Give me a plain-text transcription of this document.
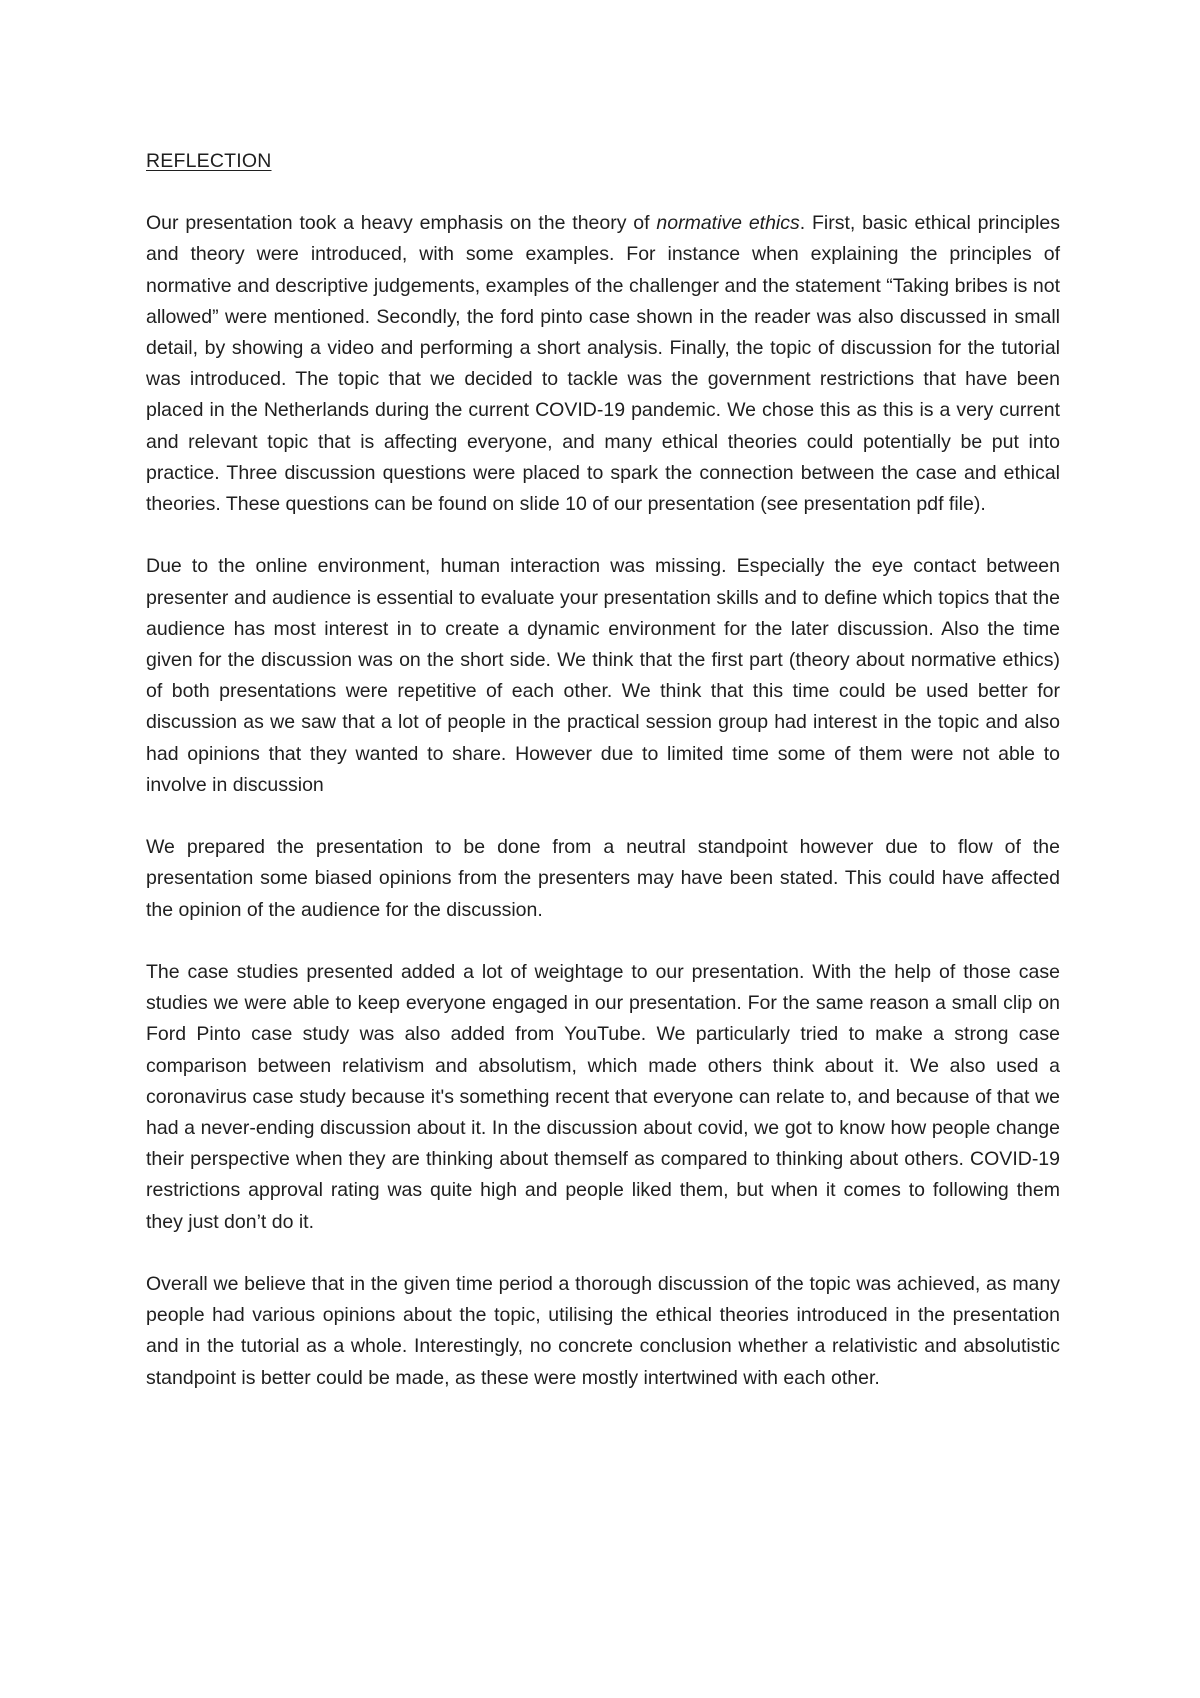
REFLECTION

Our presentation took a heavy emphasis on the theory of normative ethics. First, basic ethical principles and theory were introduced, with some examples. For instance when explaining the principles of normative and descriptive judgements, examples of the challenger and the statement “Taking bribes is not allowed” were mentioned. Secondly, the ford pinto case shown in the reader was also discussed in small detail, by showing a video and performing a short analysis. Finally, the topic of discussion for the tutorial was introduced. The topic that we decided to tackle was the government restrictions that have been placed in the Netherlands during the current COVID-19 pandemic. We chose this as this is a very current and relevant topic that is affecting everyone, and many ethical theories could potentially be put into practice. Three discussion questions were placed to spark the connection between the case and ethical theories. These questions can be found on slide 10 of our presentation (see presentation pdf file).

Due to the online environment, human interaction was missing. Especially the eye contact between presenter and audience is essential to evaluate your presentation skills and to define which topics that the audience has most interest in to create a dynamic environment for the later discussion. Also the time given for the discussion was on the short side. We think that the first part (theory about normative ethics) of both presentations were repetitive of each other. We think that this time could be used better for discussion as we saw that a lot of people in the practical session group had interest in the topic and also had opinions that they wanted to share. However due to limited time some of them were not able to involve in discussion

We prepared the presentation to be done from a neutral standpoint however due to flow of the presentation some biased opinions from the presenters may have been stated. This could have affected the opinion of the audience for the discussion.

The case studies presented added a lot of weightage to our presentation. With the help of those case studies we were able to keep everyone engaged in our presentation. For the same reason a small clip on Ford Pinto case study was also added from YouTube. We particularly tried to make a strong case comparison between relativism and absolutism, which made others think about it. We also used a coronavirus case study because it's something recent that everyone can relate to, and because of that we had a never-ending discussion about it. In the discussion about covid, we got to know how people change their perspective when they are thinking about themself as compared to thinking about others. COVID-19 restrictions approval rating was quite high and people liked them, but when it comes to following them they just don’t do it.

Overall we believe that in the given time period a thorough discussion of the topic was achieved, as many people had various opinions about the topic, utilising the ethical theories introduced in the presentation and in the tutorial as a whole. Interestingly, no concrete conclusion whether a relativistic and absolutistic standpoint is better could be made, as these were mostly intertwined with each other.
